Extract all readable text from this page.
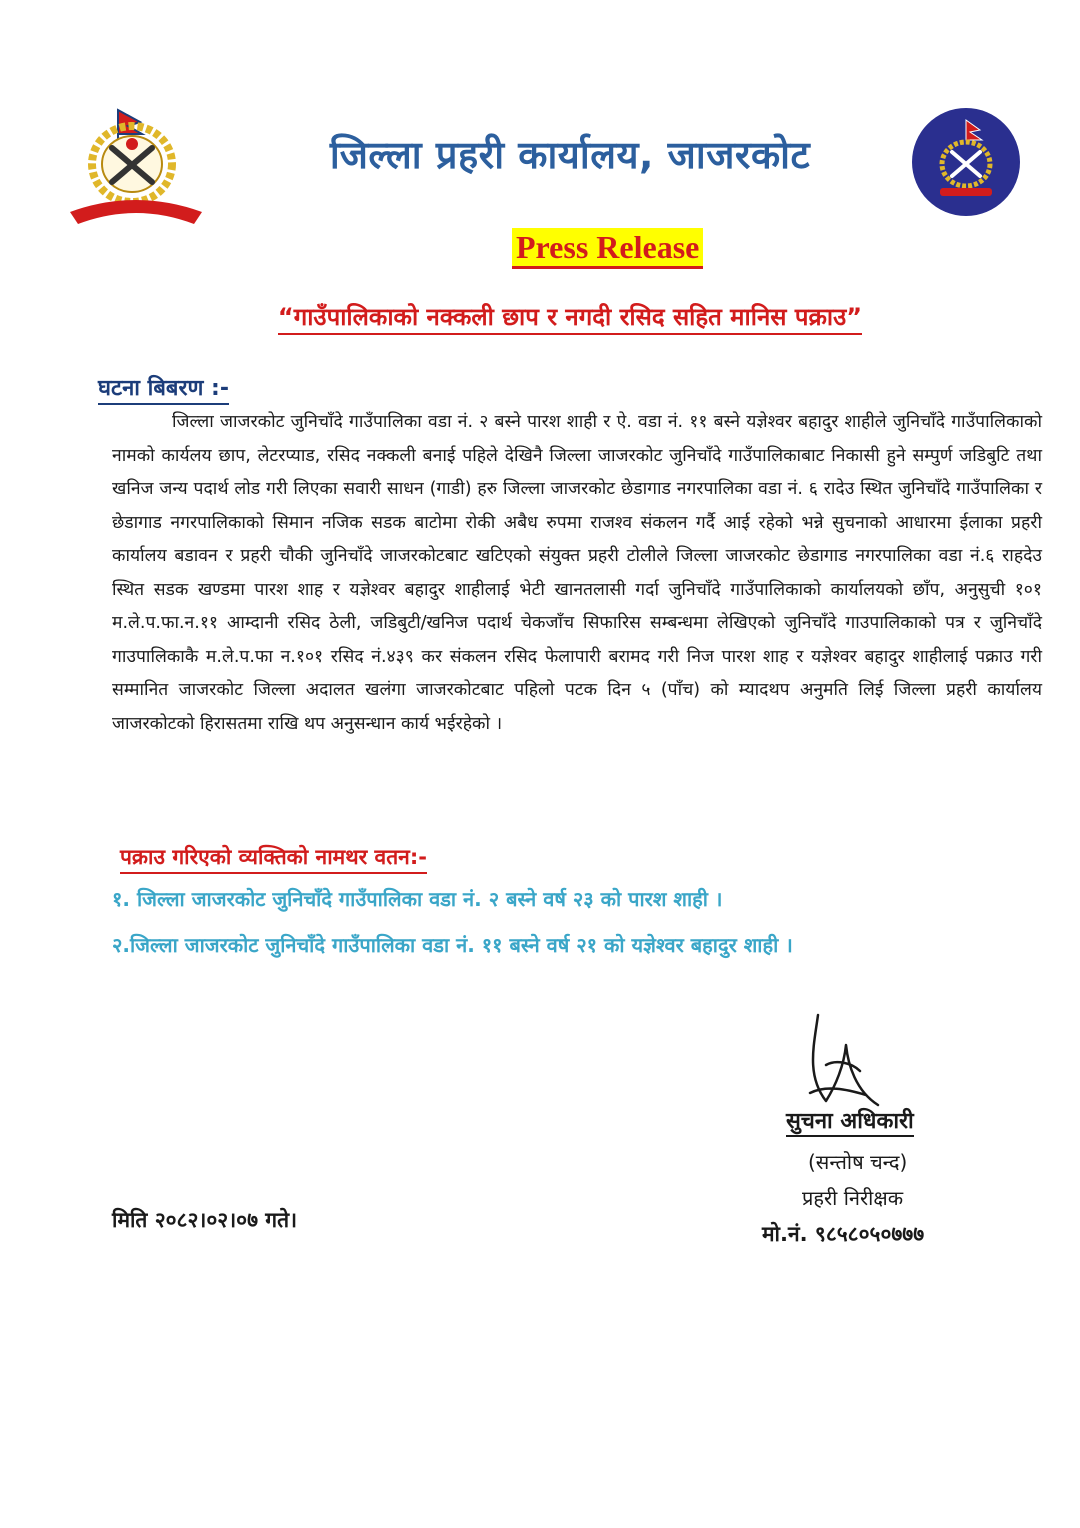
जिल्ला प्रहरी कार्यालय, जाजरकोट
Press Release
“गाउँपालिकाको नक्कली छाप र नगदी रसिद सहित मानिस पक्राउ”
घटना बिबरण :-

जिल्ला जाजरकोट जुनिचाँदे गाउँपालिका वडा नं. २ बस्ने पारश शाही र ऐ. वडा नं. ११ बस्ने यज्ञेश्वर बहादुर शाहीले जुनिचाँदे गाउँपालिकाको नामको कार्यलय छाप, लेटरप्याड, रसिद नक्कली बनाई पहिले देखिनै जिल्ला जाजरकोट जुनिचाँदे गाउँपालिकाबाट निकासी हुने सम्पुर्ण जडिबुटि तथा खनिज जन्य पदार्थ लोड गरी लिएका सवारी साधन (गाडी) हरु जिल्ला जाजरकोट छेडागाड नगरपालिका वडा नं. ६ रादेउ स्थित जुनिचाँदे गाउँपालिका र छेडागाड नगरपालिकाको सिमान नजिक सडक बाटोमा रोकी अबैध रुपमा राजश्व संकलन गर्दै आई रहेको भन्ने सुचनाको आधारमा ईलाका प्रहरी कार्यालय बडावन र प्रहरी चौकी जुनिचाँदे जाजरकोटबाट खटिएको संयुक्त प्रहरी टोलीले जिल्ला जाजरकोट छेडागाड नगरपालिका वडा नं.६ राहदेउ स्थित सडक खण्डमा पारश शाह र यज्ञेश्वर बहादुर शाहीलाई भेटी खानतलासी गर्दा जुनिचाँदे गाउँपालिकाको कार्यालयको छाँप, अनुसुची १०१ म.ले.प.फा.न.११ आम्दानी रसिद ठेली, जडिबुटी/खनिज पदार्थ चेकजाँच सिफारिस सम्बन्धमा लेखिएको जुनिचाँदे गाउपालिकाको पत्र र जुनिचाँदे गाउपालिकाकै म.ले.प.फा न.१०१ रसिद नं.४३९ कर संकलन रसिद फेलापारी बरामद गरी निज पारश शाह र यज्ञेश्वर बहादुर शाहीलाई पक्राउ गरी सम्मानित जाजरकोट जिल्ला अदालत खलंगा जाजरकोटबाट पहिलो पटक दिन ५ (पाँच) को म्यादथप अनुमति लिई जिल्ला प्रहरी कार्यालय जाजरकोटको हिरासतमा राखि थप अनुसन्धान कार्य भईरहेको ।

पक्राउ गरिएको व्यक्तिको नामथर वतन:-
१. जिल्ला जाजरकोट जुनिचाँदे गाउँपालिका वडा नं. २ बस्ने वर्ष २३ को पारश शाही ।
२.जिल्ला जाजरकोट जुनिचाँदे गाउँपालिका वडा नं. ११ बस्ने वर्ष २१ को यज्ञेश्वर बहादुर शाही ।
सुचना अधिकारी
(सन्तोष चन्द)
प्रहरी निरीक्षक
मो.नं. ९८५८०५०७७७
मिति २०८२।०२।०७ गते।
